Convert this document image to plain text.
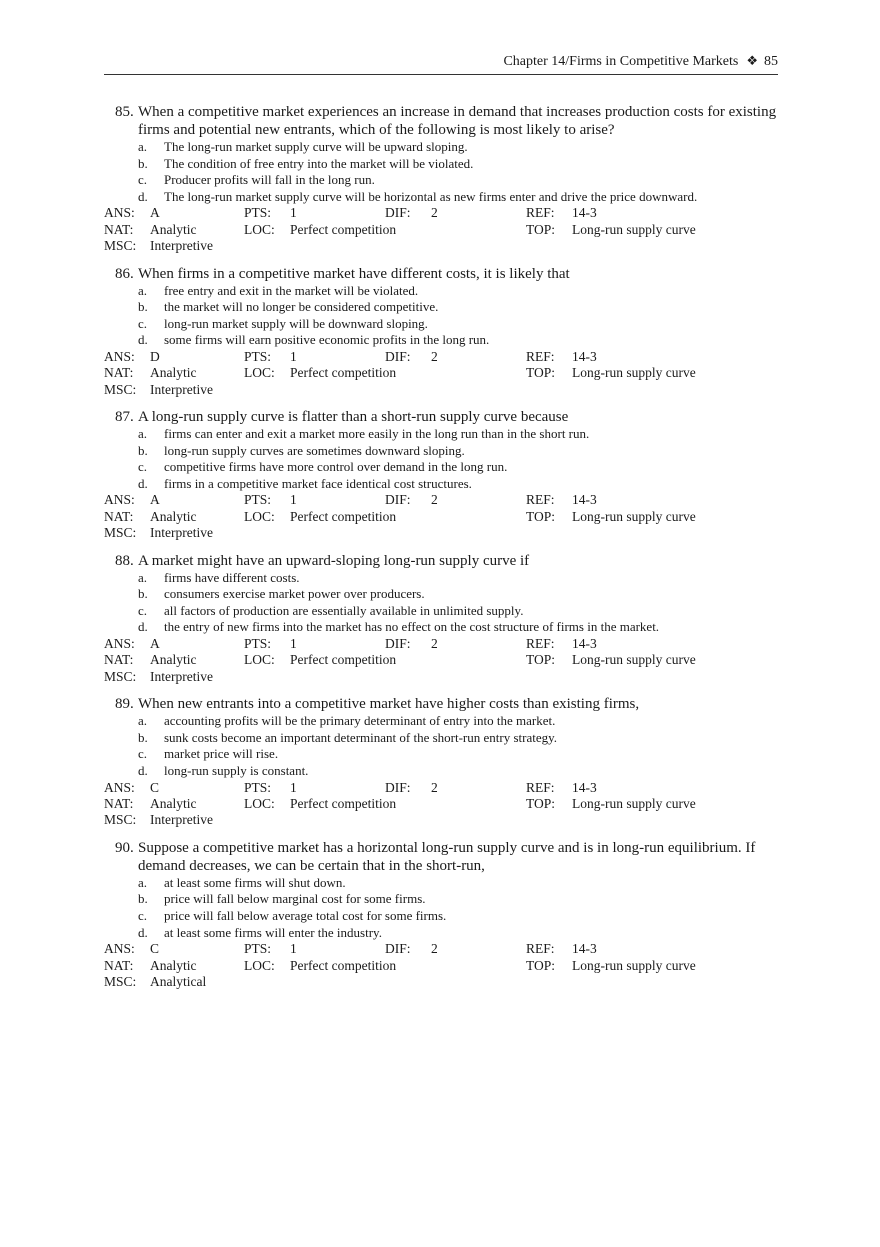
Chapter 14/Firms in Competitive Markets ❖ 85
85. When a competitive market experiences an increase in demand that increases production costs for existing firms and potential new entrants, which of the following is most likely to arise?
a. The long-run market supply curve will be upward sloping.
b. The condition of free entry into the market will be violated.
c. Producer profits will fall in the long run.
d. The long-run market supply curve will be horizontal as new firms enter and drive the price downward.
ANS: A	PTS: 1	DIF: 2	REF: 14-3
NAT: Analytic	LOC: Perfect competition	TOP: Long-run supply curve
MSC: Interpretive
86. When firms in a competitive market have different costs, it is likely that
a. free entry and exit in the market will be violated.
b. the market will no longer be considered competitive.
c. long-run market supply will be downward sloping.
d. some firms will earn positive economic profits in the long run.
ANS: D	PTS: 1	DIF: 2	REF: 14-3
NAT: Analytic	LOC: Perfect competition	TOP: Long-run supply curve
MSC: Interpretive
87. A long-run supply curve is flatter than a short-run supply curve because
a. firms can enter and exit a market more easily in the long run than in the short run.
b. long-run supply curves are sometimes downward sloping.
c. competitive firms have more control over demand in the long run.
d. firms in a competitive market face identical cost structures.
ANS: A	PTS: 1	DIF: 2	REF: 14-3
NAT: Analytic	LOC: Perfect competition	TOP: Long-run supply curve
MSC: Interpretive
88. A market might have an upward-sloping long-run supply curve if
a. firms have different costs.
b. consumers exercise market power over producers.
c. all factors of production are essentially available in unlimited supply.
d. the entry of new firms into the market has no effect on the cost structure of firms in the market.
ANS: A	PTS: 1	DIF: 2	REF: 14-3
NAT: Analytic	LOC: Perfect competition	TOP: Long-run supply curve
MSC: Interpretive
89. When new entrants into a competitive market have higher costs than existing firms,
a. accounting profits will be the primary determinant of entry into the market.
b. sunk costs become an important determinant of the short-run entry strategy.
c. market price will rise.
d. long-run supply is constant.
ANS: C	PTS: 1	DIF: 2	REF: 14-3
NAT: Analytic	LOC: Perfect competition	TOP: Long-run supply curve
MSC: Interpretive
90. Suppose a competitive market has a horizontal long-run supply curve and is in long-run equilibrium. If demand decreases, we can be certain that in the short-run,
a. at least some firms will shut down.
b. price will fall below marginal cost for some firms.
c. price will fall below average total cost for some firms.
d. at least some firms will enter the industry.
ANS: C	PTS: 1	DIF: 2	REF: 14-3
NAT: Analytic	LOC: Perfect competition	TOP: Long-run supply curve
MSC: Analytical
